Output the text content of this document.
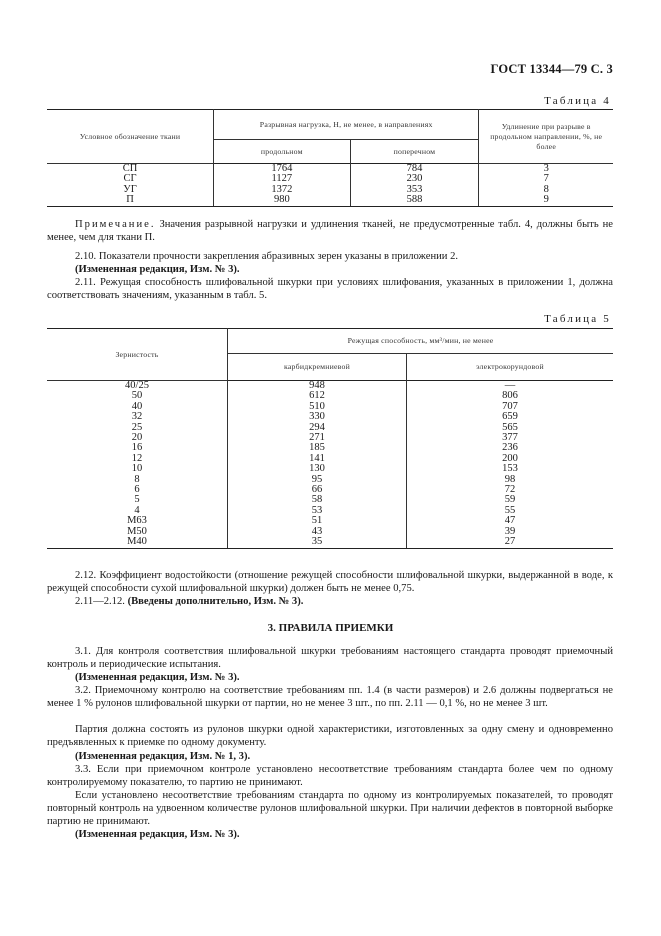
ГОСТ 13344—79 С. 3
Таблица 4
Условное обозначение ткани	Разрывная нагрузка, Н, не менее, в направлениях		Удлинение при разрыве в продольном направлении, %, не более
	продольном	поперечном	
СП	1764	784	3
СГ	1127	230	7
УГ	1372	353	8
П	980	588	9
Примечание. Значения разрывной нагрузки и удлинения тканей, не предусмотренные табл. 4, должны быть не менее, чем для ткани П.
2.10. Показатели прочности закрепления абразивных зерен указаны в приложении 2.
(Измененная редакция, Изм. № 3).
2.11. Режущая способность шлифовальной шкурки при условиях шлифования, указанных в приложении 1, должна соответствовать значениям, указанным в табл. 5.
Таблица 5
Зернистость	Режущая способность, мм³/мин, не менее	
	карбидкремниевой	электрокорундовой
40/25	948	—
50	612	806
40	510	707
32	330	659
25	294	565
20	271	377
16	185	236
12	141	200
10	130	153
8	95	98
6	66	72
5	58	59
4	53	55
М63	51	47
М50	43	39
М40	35	27
2.12. Коэффициент водостойкости (отношение режущей способности шлифовальной шкурки, выдержанной в воде, к режущей способности сухой шлифовальной шкурки) должен быть не менее 0,75.
2.11—2.12. (Введены дополнительно, Изм. № 3).
3. ПРАВИЛА ПРИЕМКИ
3.1. Для контроля соответствия шлифовальной шкурки требованиям настоящего стандарта проводят приемочный контроль и периодические испытания.
(Измененная редакция, Изм. № 3).
3.2. Приемочному контролю на соответствие требованиям пп. 1.4 (в части размеров) и 2.6 должны подвергаться не менее 1 % рулонов шлифовальной шкурки от партии, но не менее 3 шт., по пп. 2.11 — 0,1 %, но не менее 3 шт.
Партия должна состоять из рулонов шкурки одной характеристики, изготовленных за одну смену и одновременно предъявленных к приемке по одному документу.
(Измененная редакция, Изм. № 1, 3).
3.3. Если при приемочном контроле установлено несоответствие требованиям стандарта более чем по одному контролируемому показателю, то партию не принимают.
Если установлено несоответствие требованиям стандарта по одному из контролируемых показателей, то проводят повторный контроль на удвоенном количестве рулонов шлифовальной шкурки. При наличии дефектов в повторной выборке партию не принимают.
(Измененная редакция, Изм. № 3).
